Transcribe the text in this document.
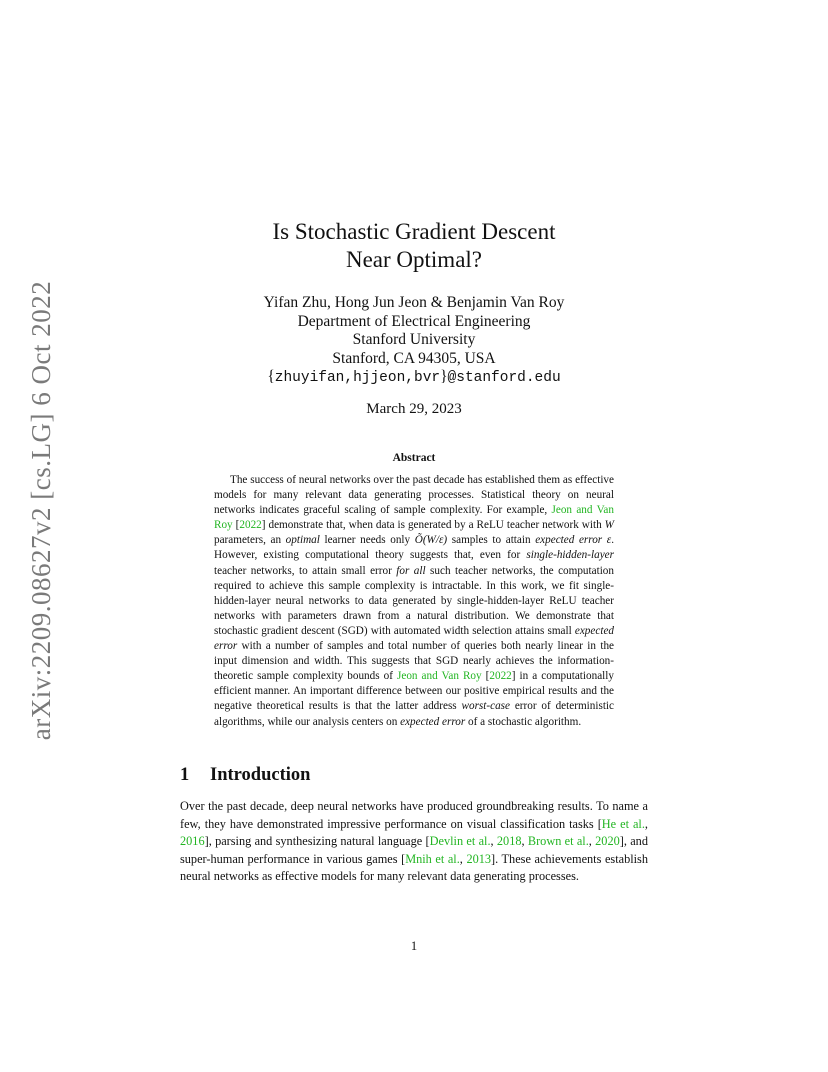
arXiv:2209.08627v2 [cs.LG] 6 Oct 2022
Is Stochastic Gradient Descent
Near Optimal?
Yifan Zhu, Hong Jun Jeon & Benjamin Van Roy
Department of Electrical Engineering
Stanford University
Stanford, CA 94305, USA
{zhuyifan,hjjeon,bvr}@stanford.edu
March 29, 2023
Abstract

The success of neural networks over the past decade has established them as effective models for many relevant data generating processes. Statistical theory on neural networks indicates graceful scaling of sample complexity. For example, Jeon and Van Roy [2022] demonstrate that, when data is generated by a ReLU teacher network with W parameters, an optimal learner needs only Õ(W/ε) samples to attain expected error ε. However, existing computational theory suggests that, even for single-hidden-layer teacher networks, to attain small error for all such teacher networks, the computation required to achieve this sample complexity is intractable. In this work, we fit single-hidden-layer neural networks to data generated by single-hidden-layer ReLU teacher networks with parameters drawn from a natural distribution. We demonstrate that stochastic gradient descent (SGD) with automated width selection attains small expected error with a number of samples and total number of queries both nearly linear in the input dimension and width. This suggests that SGD nearly achieves the information-theoretic sample complexity bounds of Jeon and Van Roy [2022] in a computationally efficient manner. An important difference between our positive empirical results and the negative theoretical results is that the latter address worst-case error of deterministic algorithms, while our analysis centers on expected error of a stochastic algorithm.

1 Introduction

Over the past decade, deep neural networks have produced groundbreaking results. To name a few, they have demonstrated impressive performance on visual classification tasks [He et al., 2016], parsing and synthesizing natural language [Devlin et al., 2018, Brown et al., 2020], and super-human performance in various games [Mnih et al., 2013]. These achievements establish neural networks as effective models for many relevant data generating processes.

1
